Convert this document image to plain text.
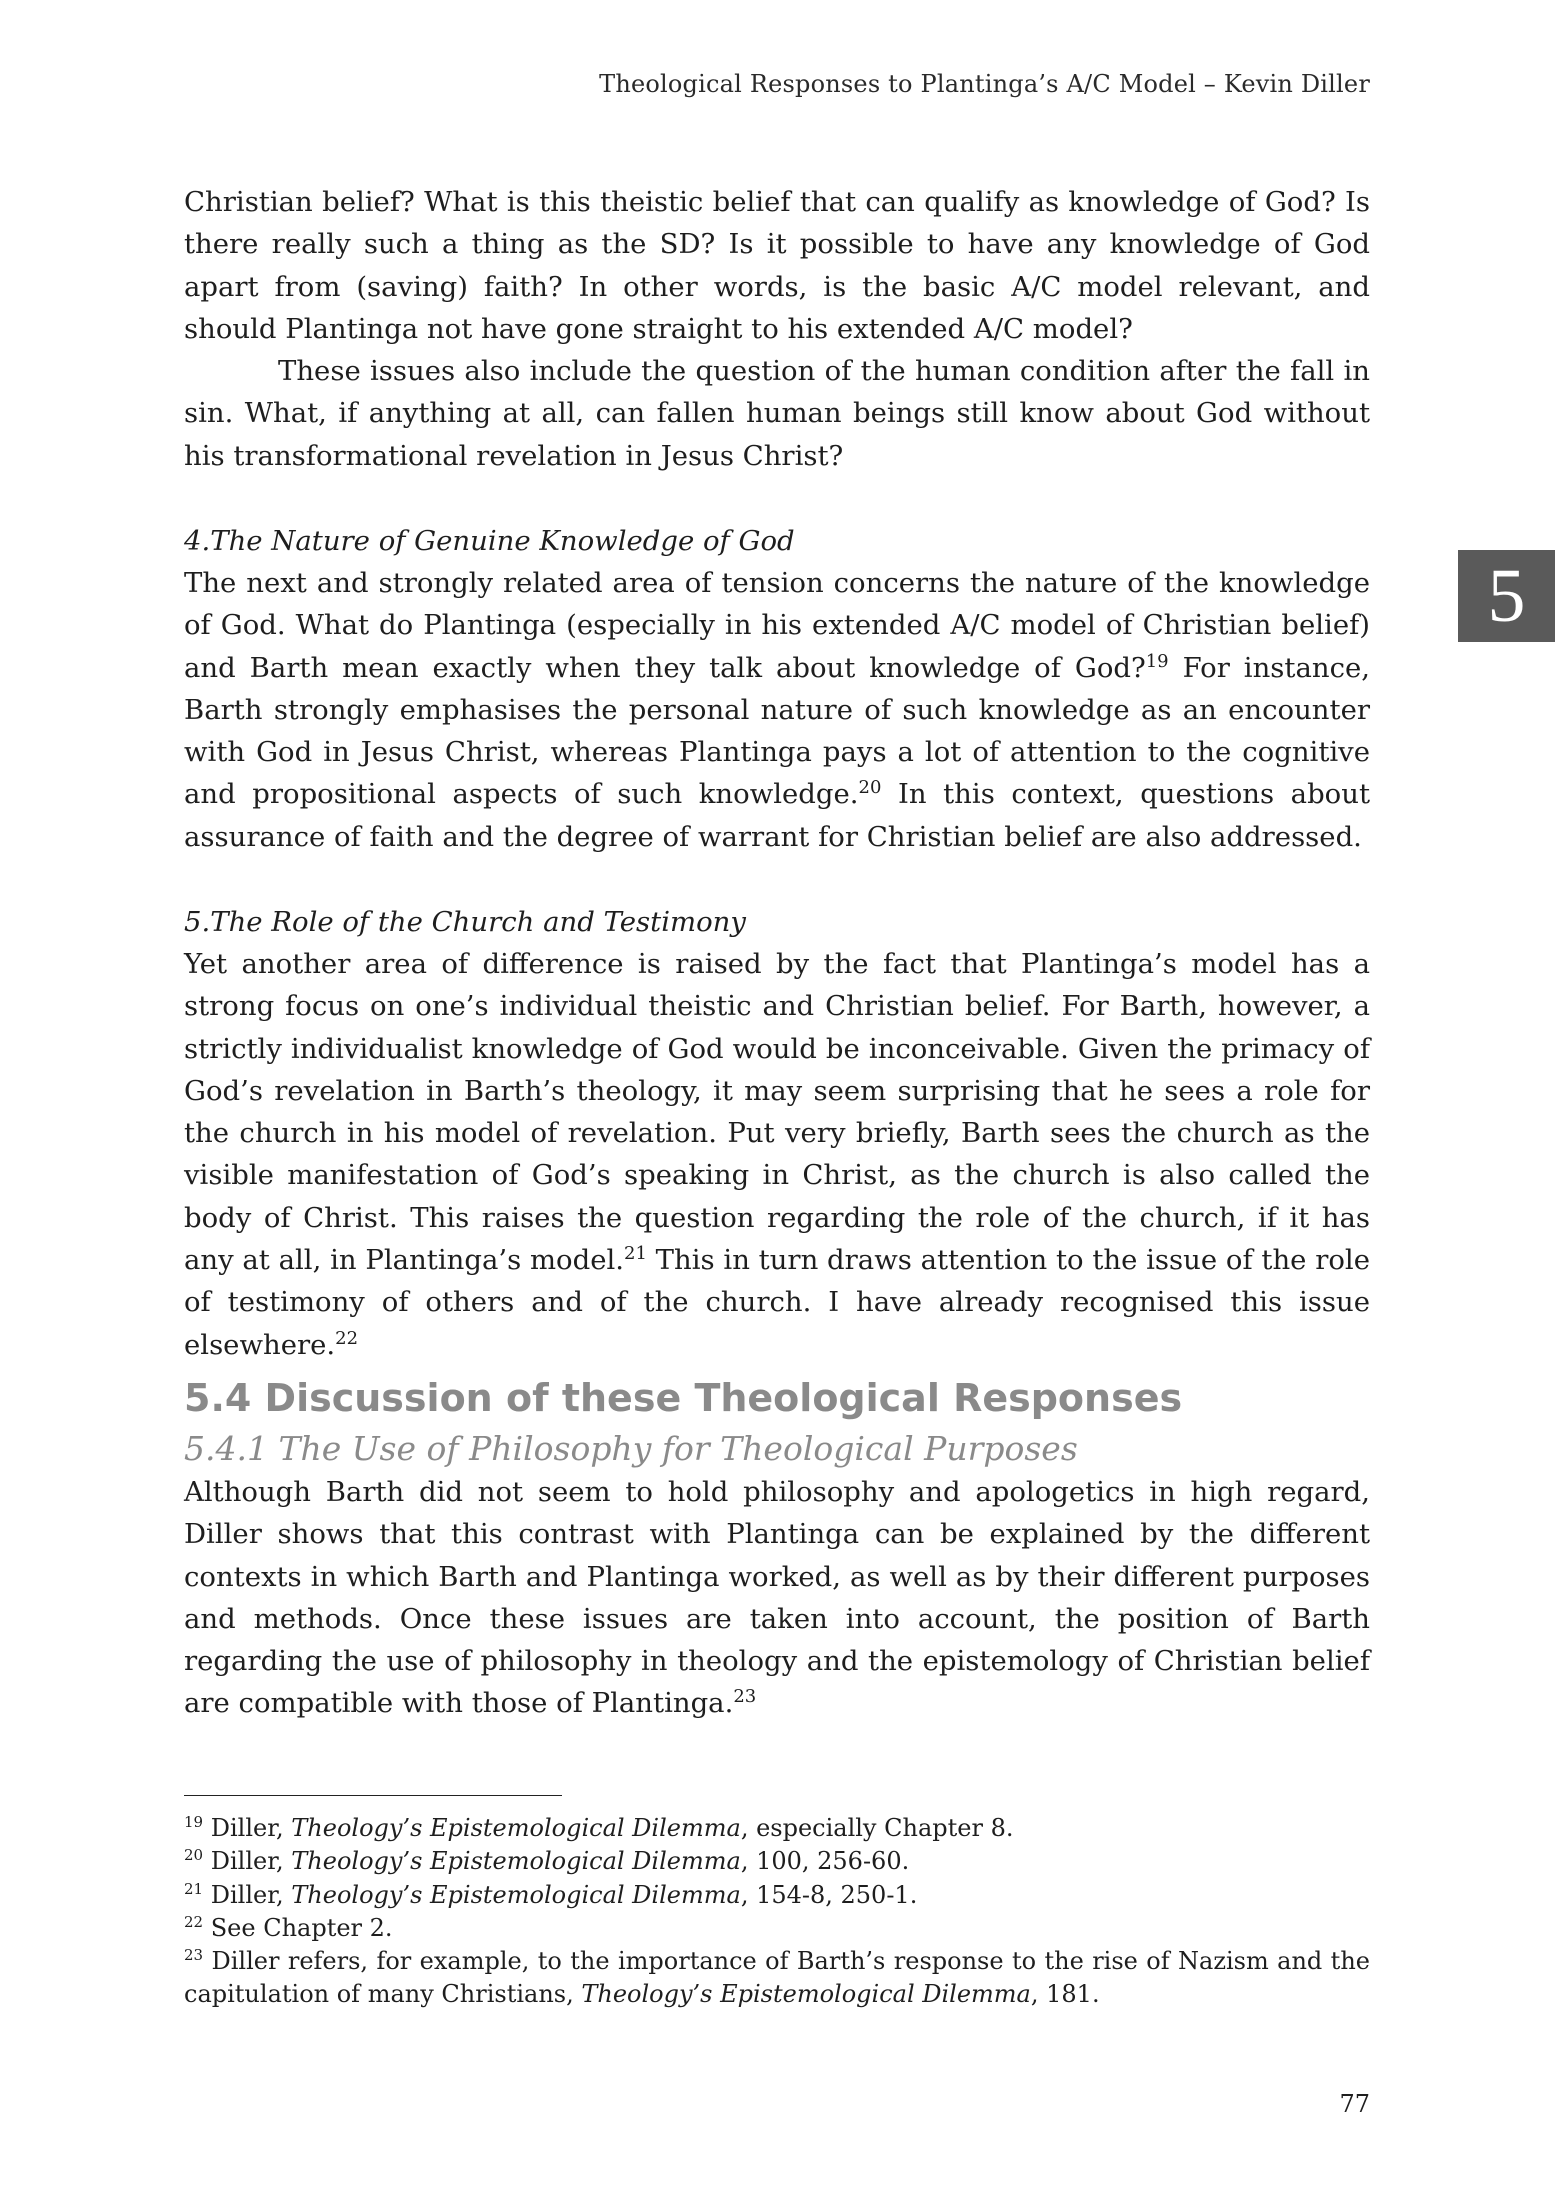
Theological Responses to Plantinga’s A/C Model – Kevin Diller
5

Christian belief? What is this theistic belief that can qualify as knowledge of God? Is there really such a thing as the SD? Is it possible to have any knowledge of God apart from (saving) faith? In other words, is the basic A/C model relevant, and should Plantinga not have gone straight to his extended A/C model?

These issues also include the question of the human condition after the fall in sin. What, if anything at all, can fallen human beings still know about God without his transformational revelation in Jesus Christ?

4.The Nature of Genuine Knowledge of God

The next and strongly related area of tension concerns the nature of the knowledge of God. What do Plantinga (especially in his extended A/C model of Christian belief) and Barth mean exactly when they talk about knowledge of God?$^{19}$ For instance, Barth strongly emphasises the personal nature of such knowledge as an encounter with God in Jesus Christ, whereas Plantinga pays a lot of attention to the cognitive and propositional aspects of such knowledge.$^{20}$ In this context, questions about assurance of faith and the degree of warrant for Christian belief are also addressed.

5.The Role of the Church and Testimony

Yet another area of difference is raised by the fact that Plantinga’s model has a strong focus on one’s individual theistic and Christian belief. For Barth, however, a strictly individualist knowledge of God would be inconceivable. Given the primacy of God’s revelation in Barth’s theology, it may seem surprising that he sees a role for the church in his model of revelation. Put very briefly, Barth sees the church as the visible manifestation of God’s speaking in Christ, as the church is also called the body of Christ. This raises the question regarding the role of the church, if it has any at all, in Plantinga’s model.$^{21}$ This in turn draws attention to the issue of the role of testimony of others and of the church. I have already recognised this issue elsewhere.$^{22}$

5.4 Discussion of these Theological Responses
5.4.1 The Use of Philosophy for Theological Purposes

Although Barth did not seem to hold philosophy and apologetics in high regard, Diller shows that this contrast with Plantinga can be explained by the different contexts in which Barth and Plantinga worked, as well as by their different purposes and methods. Once these issues are taken into account, the position of Barth regarding the use of philosophy in theology and the epistemology of Christian belief are compatible with those of Plantinga.$^{23}$

$^{19}$ Diller, Theology’s Epistemological Dilemma, especially Chapter 8.

$^{20}$ Diller, Theology’s Epistemological Dilemma, 100, 256-60.

$^{21}$ Diller, Theology’s Epistemological Dilemma, 154-8, 250-1.

$^{22}$ See Chapter 2.

$^{23}$ Diller refers, for example, to the importance of Barth’s response to the rise of Nazism and the capitulation of many Christians, Theology’s Epistemological Dilemma, 181.

77
